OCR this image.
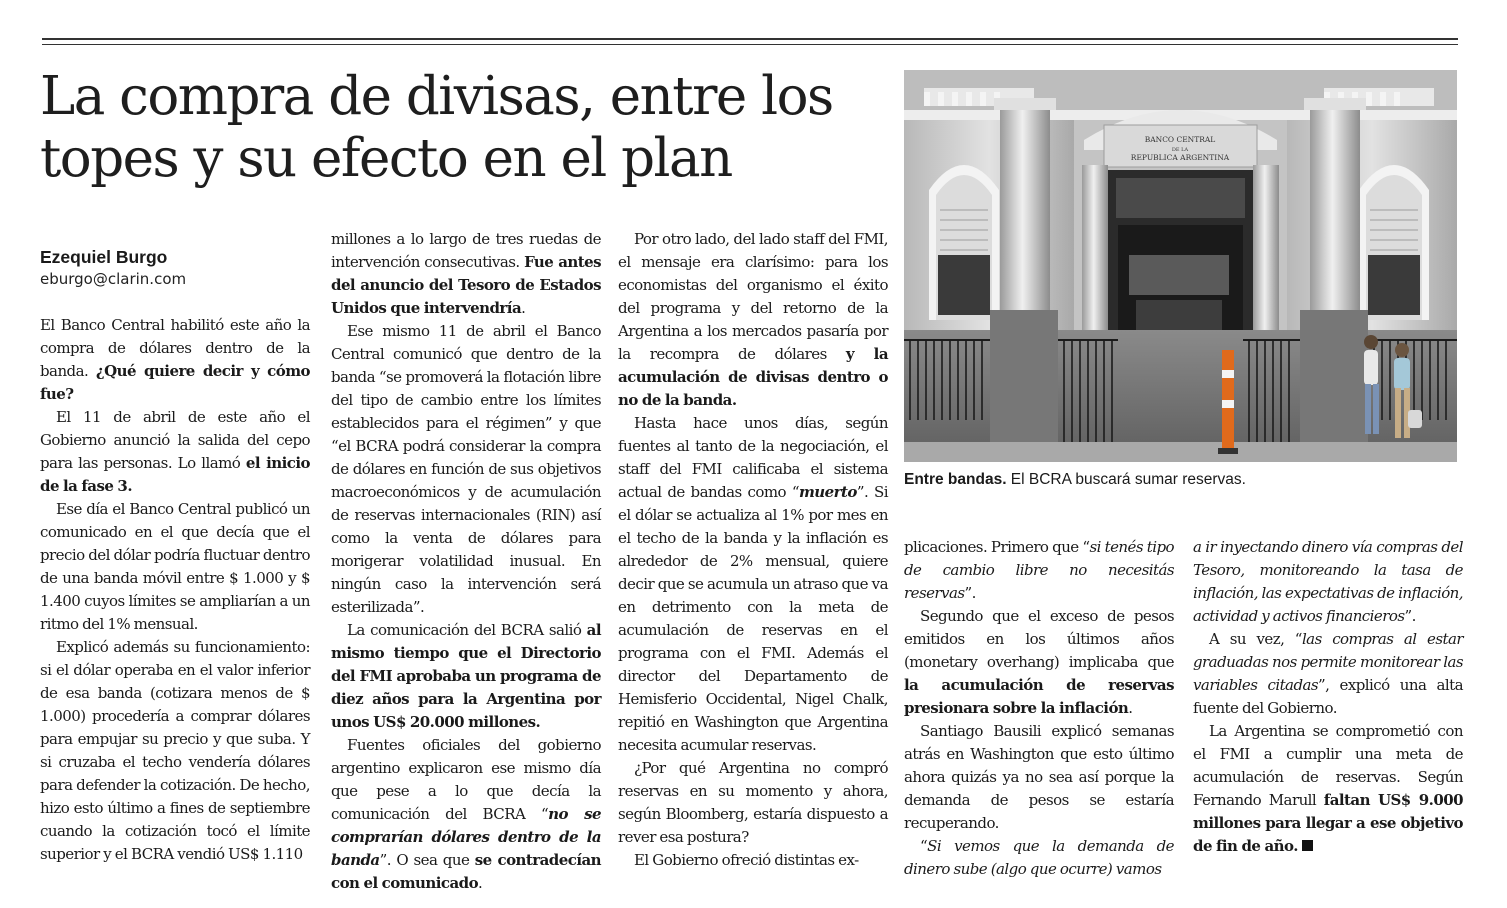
La compra de divisas, entre los topes y su efecto en el plan
Ezequiel Burgo
eburgo@clarin.com

El Banco Central habilitó este año la compra de dólares dentro de la banda. ¿Qué quiere decir y cómo fue?

El 11 de abril de este año el Gobierno anunció la salida del cepo para las personas. Lo llamó el inicio de la fase 3.

Ese día el Banco Central publicó un comunicado en el que decía que el precio del dólar podría fluctuar dentro de una banda móvil entre $ 1.000 y $ 1.400 cuyos límites se ampliarían a un ritmo del 1% mensual.

Explicó además su funcionamiento: si el dólar operaba en el valor inferior de esa banda (cotizara menos de $ 1.000) procedería a comprar dólares para empujar su precio y que suba. Y si cruzaba el techo vendería dólares para defender la cotización. De hecho, hizo esto último a fines de septiembre cuando la cotización tocó el límite superior y el BCRA vendió US$ 1.110

millones a lo largo de tres ruedas de intervención consecutivas. Fue antes del anuncio del Tesoro de Estados Unidos que intervendría.

Ese mismo 11 de abril el Banco Central comunicó que dentro de la banda “se promoverá la flotación libre del tipo de cambio entre los límites establecidos para el régimen” y que “el BCRA podrá considerar la compra de dólares en función de sus objetivos macroeconómicos y de acumulación de reservas internacionales (RIN) así como la venta de dólares para morigerar volatilidad inusual. En ningún caso la intervención será esterilizada”.

La comunicación del BCRA salió al mismo tiempo que el Directorio del FMI aprobaba un programa de diez años para la Argentina por unos US$ 20.000 millones.

Fuentes oficiales del gobierno argentino explicaron ese mismo día que pese a lo que decía la comunicación del BCRA “no se comprarían dólares dentro de la banda”. O sea que se contradecían con el comunicado.

Por otro lado, del lado staff del FMI, el mensaje era clarísimo: para los economistas del organismo el éxito del programa y del retorno de la Argentina a los mercados pasaría por la recompra de dólares y la acumulación de divisas dentro o no de la banda.

Hasta hace unos días, según fuentes al tanto de la negociación, el staff del FMI calificaba el sistema actual de bandas como “muerto”. Si el dólar se actualiza al 1% por mes en el techo de la banda y la inflación es alrededor de 2% mensual, quiere decir que se acumula un atraso que va en detrimento con la meta de acumulación de reservas en el programa con el FMI. Además el director del Departamento de Hemisferio Occidental, Nigel Chalk, repitió en Washington que Argentina necesita acumular reservas.

¿Por qué Argentina no compró reservas en su momento y ahora, según Bloomberg, estaría dispuesto a rever esa postura?

El Gobierno ofreció distintas ex-

plicaciones. Primero que “si tenés tipo de cambio libre no necesitás reservas”.

Segundo que el exceso de pesos emitidos en los últimos años (monetary overhang) implicaba que la acumulación de reservas presionara sobre la inflación.

Santiago Bausili explicó semanas atrás en Washington que esto último ahora quizás ya no sea así porque la demanda de pesos se estaría recuperando.

“Si vemos que la demanda de dinero sube (algo que ocurre) vamos

a ir inyectando dinero vía compras del Tesoro, monitoreando la tasa de inflación, las expectativas de inflación, actividad y activos financieros”.

A su vez, “las compras al estar graduadas nos permite monitorear las variables citadas”, explicó una alta fuente del Gobierno.

La Argentina se comprometió con el FMI a cumplir una meta de acumulación de reservas. Según Fernando Marull faltan US$ 9.000 millones para llegar a ese objetivo de fin de año.

BANCO CENTRAL
DE LA
REPUBLICA ARGENTINA
Entre bandas. El BCRA buscará sumar reservas.
